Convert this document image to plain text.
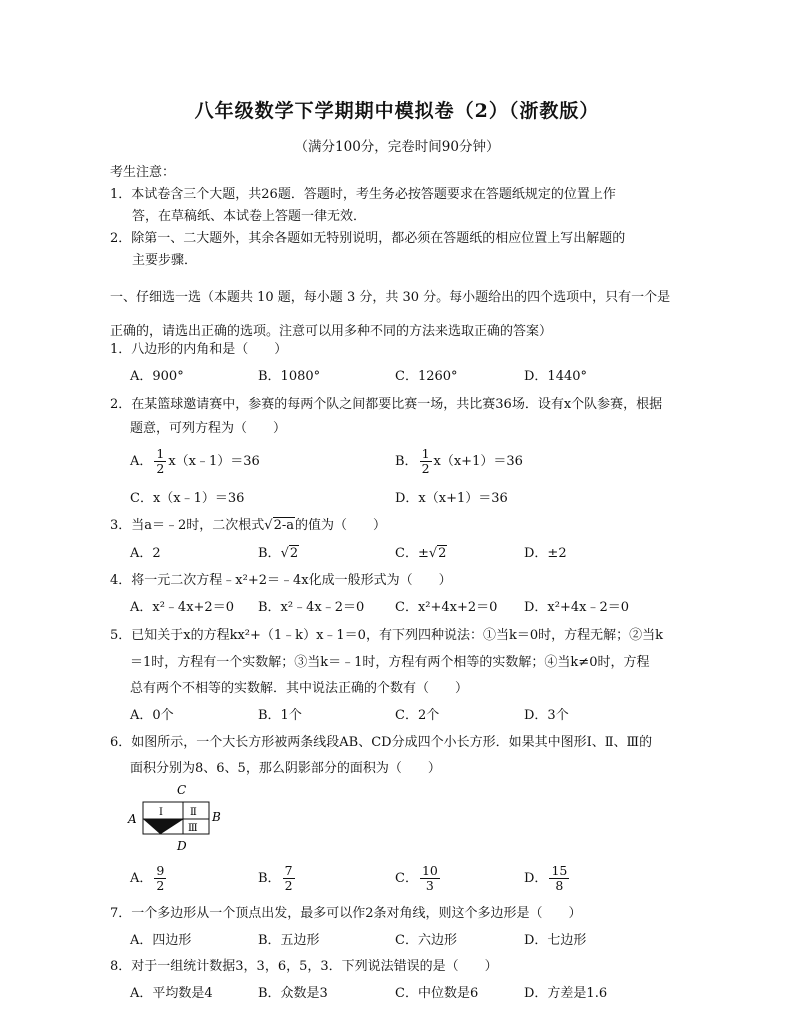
八年级数学下学期期中模拟卷（2）（浙教版）
（满分100分，完卷时间90分钟）
考生注意：
1．本试卷含三个大题，共26题．答题时，考生务必按答题要求在答题纸规定的位置上作
答，在草稿纸、本试卷上答题一律无效．
2．除第一、二大题外，其余各题如无特别说明，都必须在答题纸的相应位置上写出解题的
主要步骤．
一、仔细选一选（本题共 10 题，每小题 3 分，共 30 分。每小题给出的四个选项中，只有一个是
正确的，请选出正确的选项。注意可以用多种不同的方法来选取正确的答案）
1．八边形的内角和是（　　）
A．900°	B．1080°	C．1260°	D．1440°
2．在某篮球邀请赛中，参赛的每两个队之间都要比赛一场，共比赛36场．设有x个队参赛，根据
题意，可列方程为（　　）
A． $\frac{1}{2}$ x（x﹣1）＝36	B． $\frac{1}{2} x(x+1)=36$
C．x（x﹣1）＝36	D．x（x+1）＝36
3．当a＝﹣2时，二次根式√2-a的值为（　　）
A．2	B．√2	C．±√2	D．±2
4．将一元二次方程﹣x²+2＝﹣4x化成一般形式为（　　）
A．x²﹣4x+2＝0 B．x²﹣4x﹣2＝0 C．x²+4x+2＝0 D．x²+4x﹣2＝0
5．已知关于x的方程kx²+（1﹣k）x﹣1＝0，有下列四种说法：①当k＝0时，方程无解；②当k
＝1时，方程有一个实数解；③当k＝﹣1时，方程有两个相等的实数解；④当k≠0时，方程
总有两个不相等的实数解．其中说法正确的个数有（　　）
A．0个	B．1个	C．2个	D．3个
6．如图所示，一个大长方形被两条线段AB、CD分成四个小长方形．如果其中图形Ⅰ、Ⅱ、Ⅲ的
面积分别为8、6、5，那么阴影部分的面积为（　　）
C
A	B
D
Ⅰ	Ⅱ
Ⅲ
A． $\frac{9}{2}$	B． $\frac{7}{2}$	C． $\frac{10}{3}$	D． $\frac{15}{8}$
7．一个多边形从一个顶点出发，最多可以作2条对角线，则这个多边形是（　　）
A．四边形	B．五边形	C．六边形	D．七边形
8．对于一组统计数据3，3，6，5，3．下列说法错误的是（　　）
A．平均数是4	B．众数是3	C．中位数是6	D．方差是1.6
